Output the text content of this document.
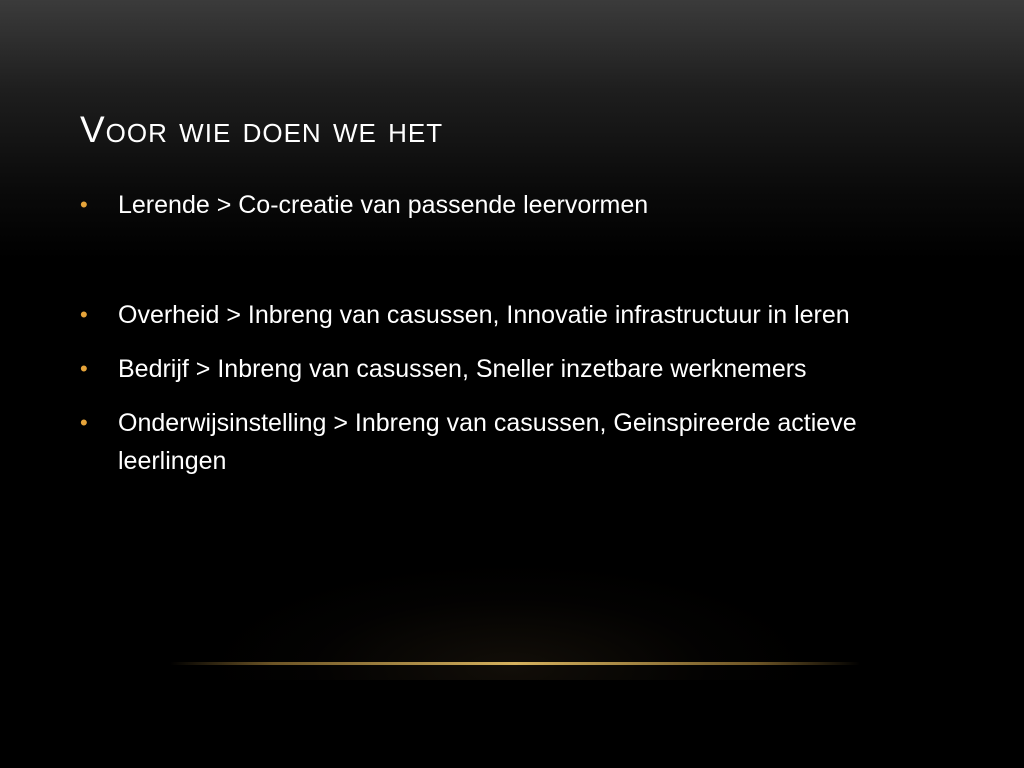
Voor wie doen we het
• Lerende > Co-creatie van passende leervormen
• Overheid > Inbreng van casussen, Innovatie infrastructuur in leren
• Bedrijf > Inbreng van casussen, Sneller inzetbare werknemers
• Onderwijsinstelling > Inbreng van casussen, Geinspireerde actieve leerlingen
